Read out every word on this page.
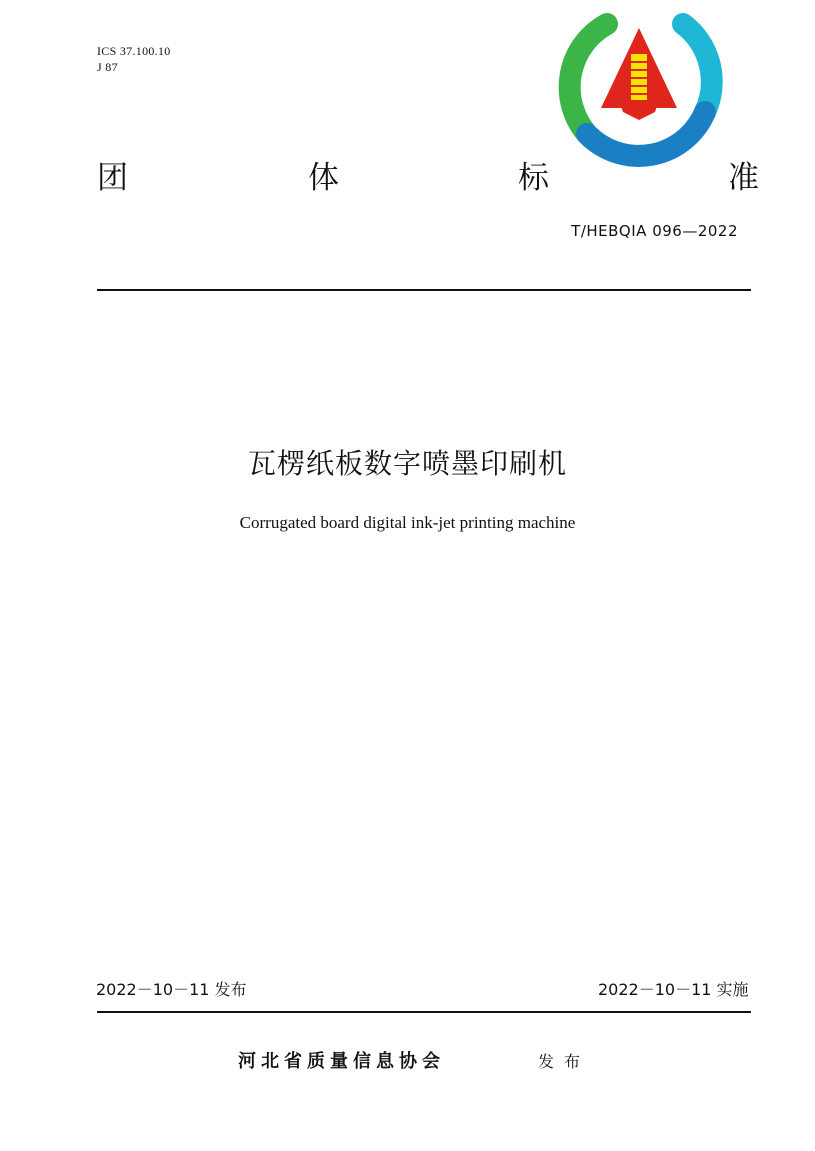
ICS 37.100.10
J 87
团	体	标	准
T/HEBQIA 096—2022
瓦楞纸板数字喷墨印刷机
Corrugated board digital ink-jet printing machine
2022－10－11 发布	2022－10－11 实施
河北省质量信息协会	发布
